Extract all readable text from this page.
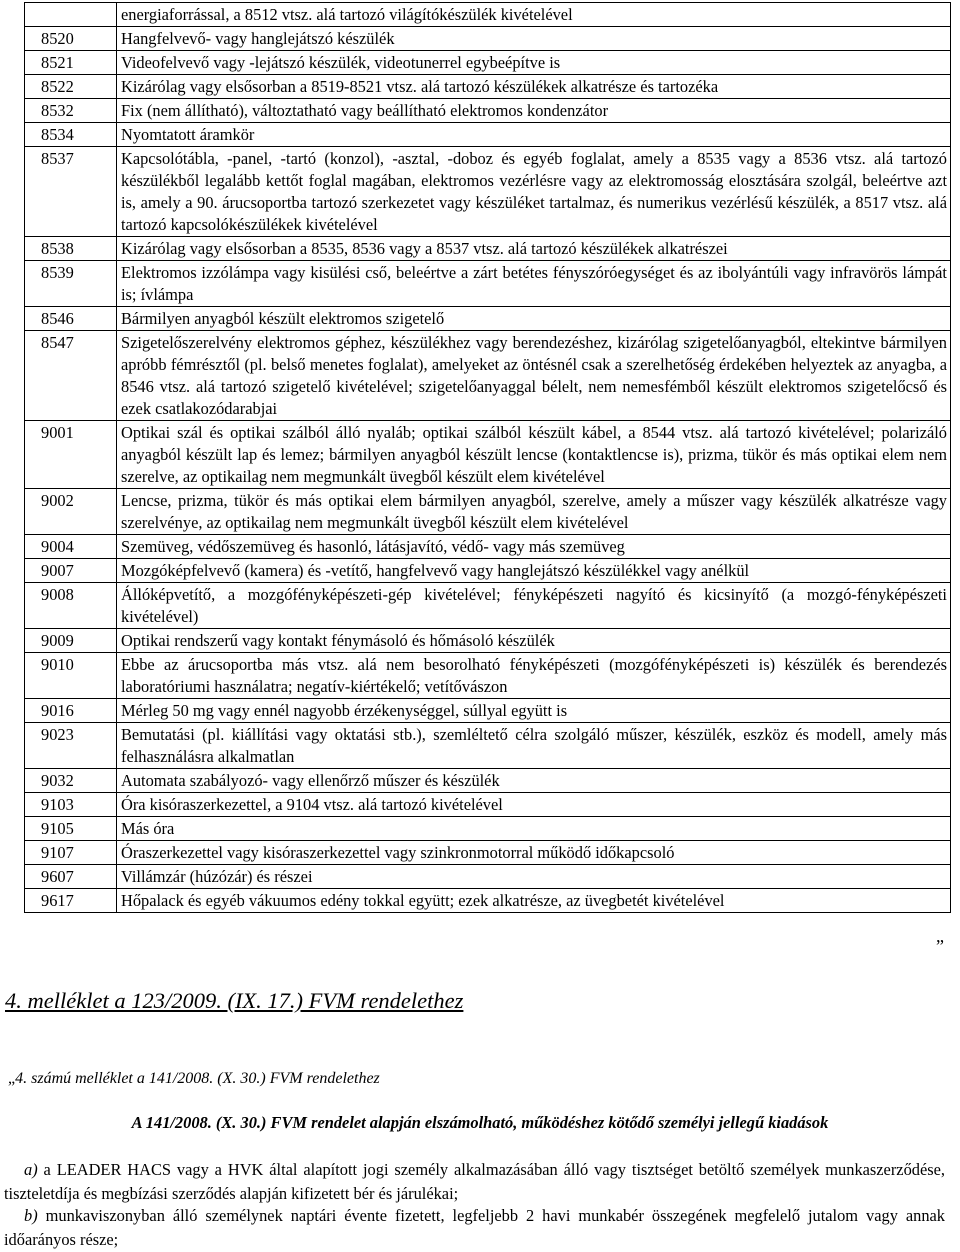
	energiaforrással, a 8512 vtsz. alá tartozó világítókészülék kivételével
8520	Hangfelvevő- vagy hanglejátszó készülék
8521	Videofelvevő vagy -lejátszó készülék, videotunerrel egybeépítve is
8522	Kizárólag vagy elsősorban a 8519-8521 vtsz. alá tartozó készülékek alkatrésze és tartozéka
8532	Fix (nem állítható), változtatható vagy beállítható elektromos kondenzátor
8534	Nyomtatott áramkör
8537	Kapcsolótábla, -panel, -tartó (konzol), -asztal, -doboz és egyéb foglalat, amely a 8535 vagy a 8536 vtsz. alá tartozó készülékből legalább kettőt foglal magában, elektromos vezérlésre vagy az elektromosság elosztására szolgál, beleértve azt is, amely a 90. árucsoportba tartozó szerkezetet vagy készüléket tartalmaz, és numerikus vezérlésű készülék, a 8517 vtsz. alá tartozó kapcsolókészülékek kivételével
8538	Kizárólag vagy elsősorban a 8535, 8536 vagy a 8537 vtsz. alá tartozó készülékek alkatrészei
8539	Elektromos izzólámpa vagy kisülési cső, beleértve a zárt betétes fényszóróegységet és az ibolyántúli vagy infravörös lámpát is; ívlámpa
8546	Bármilyen anyagból készült elektromos szigetelő
8547	Szigetelőszerelvény elektromos géphez, készülékhez vagy berendezéshez, kizárólag szigetelőanyagból, eltekintve bármilyen apróbb fémrésztől (pl. belső menetes foglalat), amelyeket az öntésnél csak a szerelhetőség érdekében helyeztek az anyagba, a 8546 vtsz. alá tartozó szigetelő kivételével; szigetelőanyaggal bélelt, nem nemesfémből készült elektromos szigetelőcső és ezek csatlakozódarabjai
9001	Optikai szál és optikai szálból álló nyaláb; optikai szálból készült kábel, a 8544 vtsz. alá tartozó kivételével; polarizáló anyagból készült lap és lemez; bármilyen anyagból készült lencse (kontaktlencse is), prizma, tükör és más optikai elem nem szerelve, az optikailag nem megmunkált üvegből készült elem kivételével
9002	Lencse, prizma, tükör és más optikai elem bármilyen anyagból, szerelve, amely a műszer vagy készülék alkatrésze vagy szerelvénye, az optikailag nem megmunkált üvegből készült elem kivételével
9004	Szemüveg, védőszemüveg és hasonló, látásjavító, védő- vagy más szemüveg
9007	Mozgóképfelvevő (kamera) és -vetítő, hangfelvevő vagy hanglejátszó készülékkel vagy anélkül
9008	Állóképvetítő, a mozgófényképészeti-gép kivételével; fényképészeti nagyító és kicsinyítő (a mozgó-fényképészeti kivételével)
9009	Optikai rendszerű vagy kontakt fénymásoló és hőmásoló készülék
9010	Ebbe az árucsoportba más vtsz. alá nem besorolható fényképészeti (mozgófényképészeti is) készülék és berendezés laboratóriumi használatra; negatív-kiértékelő; vetítővászon
9016	Mérleg 50 mg vagy ennél nagyobb érzékenységgel, súllyal együtt is
9023	Bemutatási (pl. kiállítási vagy oktatási stb.), szemléltető célra szolgáló műszer, készülék, eszköz és modell, amely más felhasználásra alkalmatlan
9032	Automata szabályozó- vagy ellenőrző műszer és készülék
9103	Óra kisóraszerkezettel, a 9104 vtsz. alá tartozó kivételével
9105	Más óra
9107	Óraszerkezettel vagy kisóraszerkezettel vagy szinkronmotorral működő időkapcsoló
9607	Villámzár (húzózár) és részei
9617	Hőpalack és egyéb vákuumos edény tokkal együtt; ezek alkatrésze, az üvegbetét kivételével
”
4. melléklet a 123/2009. (IX. 17.) FVM rendelethez
„4. számú melléklet a 141/2008. (X. 30.) FVM rendelethez
A 141/2008. (X. 30.) FVM rendelet alapján elszámolható, működéshez kötődő személyi jellegű kiadások
a) a LEADER HACS vagy a HVK által alapított jogi személy alkalmazásában álló vagy tisztséget betöltő személyek munkaszerződése, tiszteletdíja és megbízási szerződés alapján kifizetett bér és járulékai;
b) munkaviszonyban álló személynek naptári évente fizetett, legfeljebb 2 havi munkabér összegének megfelelő jutalom vagy annak időarányos része;
